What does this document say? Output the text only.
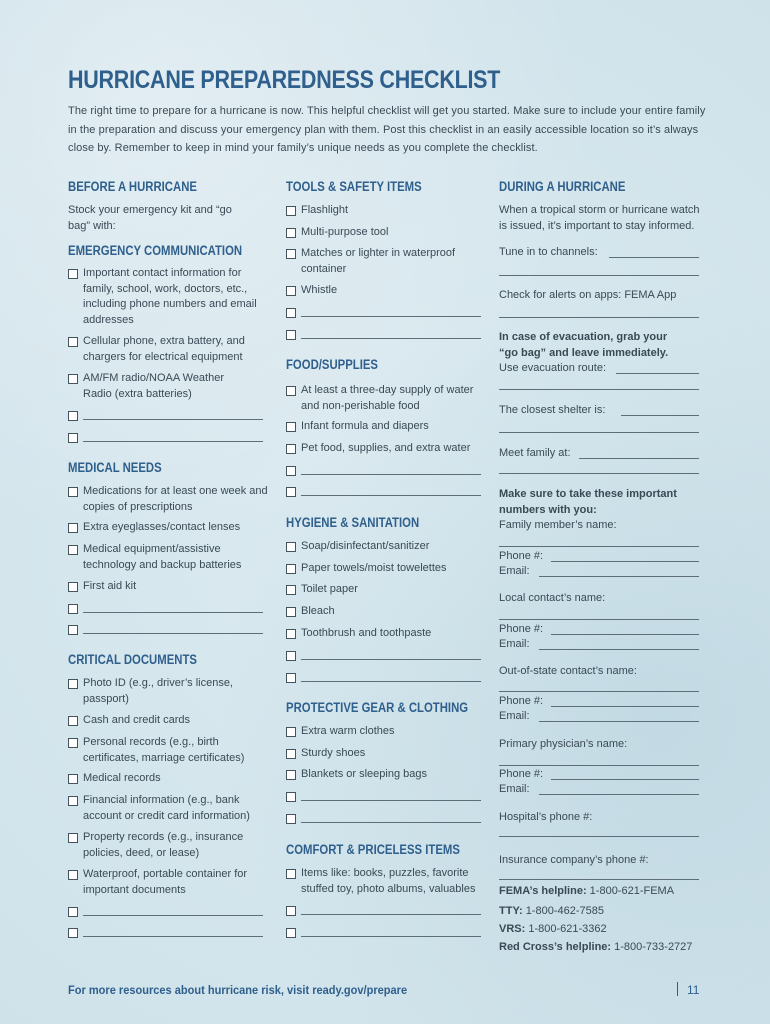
HURRICANE PREPAREDNESS CHECKLIST
The right time to prepare for a hurricane is now. This helpful checklist will get you started. Make sure to include your entire family in the preparation and discuss your emergency plan with them. Post this checklist in an easily accessible location so it’s always close by. Remember to keep in mind your family’s unique needs as you complete the checklist.
BEFORE A HURRICANE
Stock your emergency kit and “go bag” with:
EMERGENCY COMMUNICATION
Important contact information for family, school, work, doctors, etc., including phone numbers and email addresses
Cellular phone, extra battery, and chargers for electrical equipment
AM/FM radio/NOAA Weather Radio (extra batteries)
MEDICAL NEEDS
Medications for at least one week and copies of prescriptions
Extra eyeglasses/contact lenses
Medical equipment/assistive technology and backup batteries
First aid kit
CRITICAL DOCUMENTS
Photo ID (e.g., driver’s license, passport)
Cash and credit cards
Personal records (e.g., birth certificates, marriage certificates)
Medical records
Financial information (e.g., bank account or credit card information)
Property records (e.g., insurance policies, deed, or lease)
Waterproof, portable container for important documents
TOOLS & SAFETY ITEMS
Flashlight
Multi-purpose tool
Matches or lighter in waterproof container
Whistle
FOOD/SUPPLIES
At least a three-day supply of water and non-perishable food
Infant formula and diapers
Pet food, supplies, and extra water
HYGIENE & SANITATION
Soap/disinfectant/sanitizer
Paper towels/moist towelettes
Toilet paper
Bleach
Toothbrush and toothpaste
PROTECTIVE GEAR & CLOTHING
Extra warm clothes
Sturdy shoes
Blankets or sleeping bags
COMFORT & PRICELESS ITEMS
Items like: books, puzzles, favorite stuffed toy, photo albums, valuables
DURING A HURRICANE
When a tropical storm or hurricane watch is issued, it’s important to stay informed.
Tune in to channels:
Check for alerts on apps: FEMA App
In case of evacuation, grab your “go bag” and leave immediately.
Use evacuation route:
The closest shelter is:
Meet family at:
Make sure to take these important numbers with you:
Family member’s name:
Phone #:
Email:
Local contact’s name:
Phone #:
Email:
Out-of-state contact’s name:
Phone #:
Email:
Primary physician’s name:
Phone #:
Email:
Hospital’s phone #:
Insurance company’s phone #:
FEMA’s helpline: 1-800-621-FEMA
TTY: 1-800-462-7585
VRS: 1-800-621-3362
Red Cross’s helpline: 1-800-733-2727
For more resources about hurricane risk, visit ready.gov/prepare	11
